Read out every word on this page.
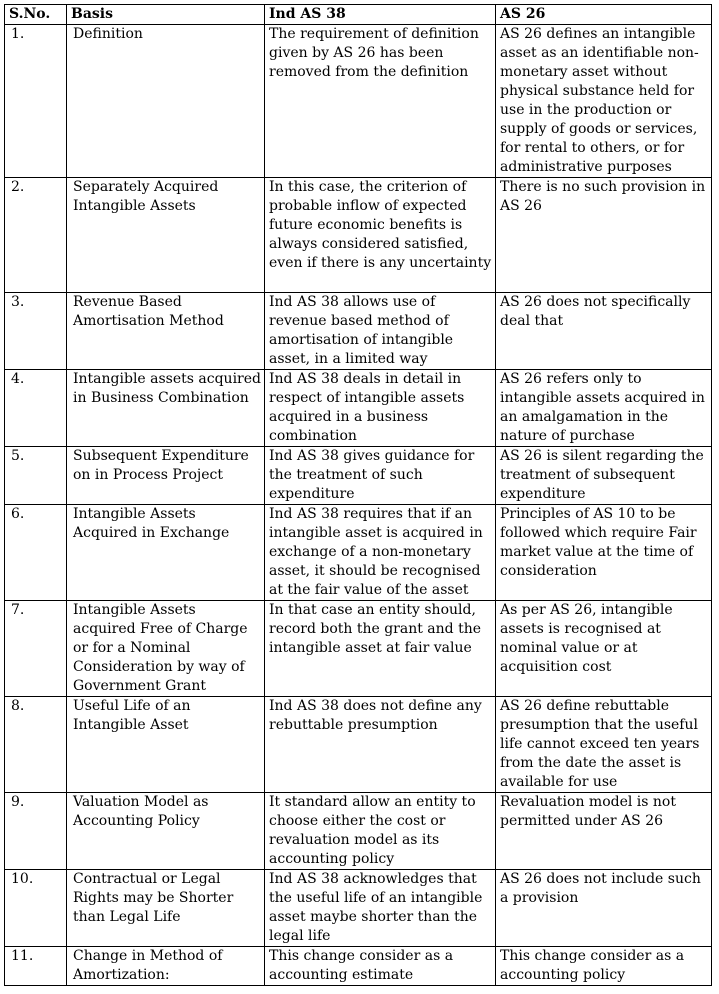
S.No.	Basis	Ind AS 38	AS 26
1.	Definition	The requirement of definition given by AS 26 has been removed from the definition	AS 26 defines an intangible asset as an identifiable non-monetary asset without physical substance held for use in the production or supply of goods or services, for rental to others, or for administrative purposes
2.	Separately Acquired Intangible Assets	In this case, the criterion of probable inflow of expected future economic benefits is always considered satisfied, even if there is any uncertainty	There is no such provision in AS 26
3.	Revenue Based Amortisation Method	Ind AS 38 allows use of revenue based method of amortisation of intangible asset, in a limited way	AS 26 does not specifically deal that
4.	Intangible assets acquired in Business Combination	Ind AS 38 deals in detail in respect of intangible assets acquired in a business combination	AS 26 refers only to intangible assets acquired in an amalgamation in the nature of purchase
5.	Subsequent Expenditure on in Process Project	Ind AS 38 gives guidance for the treatment of such expenditure	AS 26 is silent regarding the treatment of subsequent expenditure
6.	Intangible Assets Acquired in Exchange	Ind AS 38 requires that if an intangible asset is acquired in exchange of a non-monetary asset, it should be recognised at the fair value of the asset	Principles of AS 10 to be followed which require Fair market value at the time of consideration
7.	Intangible Assets acquired Free of Charge or for a Nominal Consideration by way of Government Grant	In that case an entity should, record both the grant and the intangible asset at fair value	As per AS 26, intangible assets is recognised at nominal value or at acquisition cost
8.	Useful Life of an Intangible Asset	Ind AS 38 does not define any rebuttable presumption	AS 26 define rebuttable presumption that the useful life cannot exceed ten years from the date the asset is available for use
9.	Valuation Model as Accounting Policy	It standard allow an entity to choose either the cost or revaluation model as its accounting policy	Revaluation model is not permitted under AS 26
10.	Contractual or Legal Rights may be Shorter than Legal Life	Ind AS 38 acknowledges that the useful life of an intangible asset maybe shorter than the legal life	AS 26 does not include such a provision
11.	Change in Method of Amortization:	This change consider as a accounting estimate	This change consider as a accounting policy
